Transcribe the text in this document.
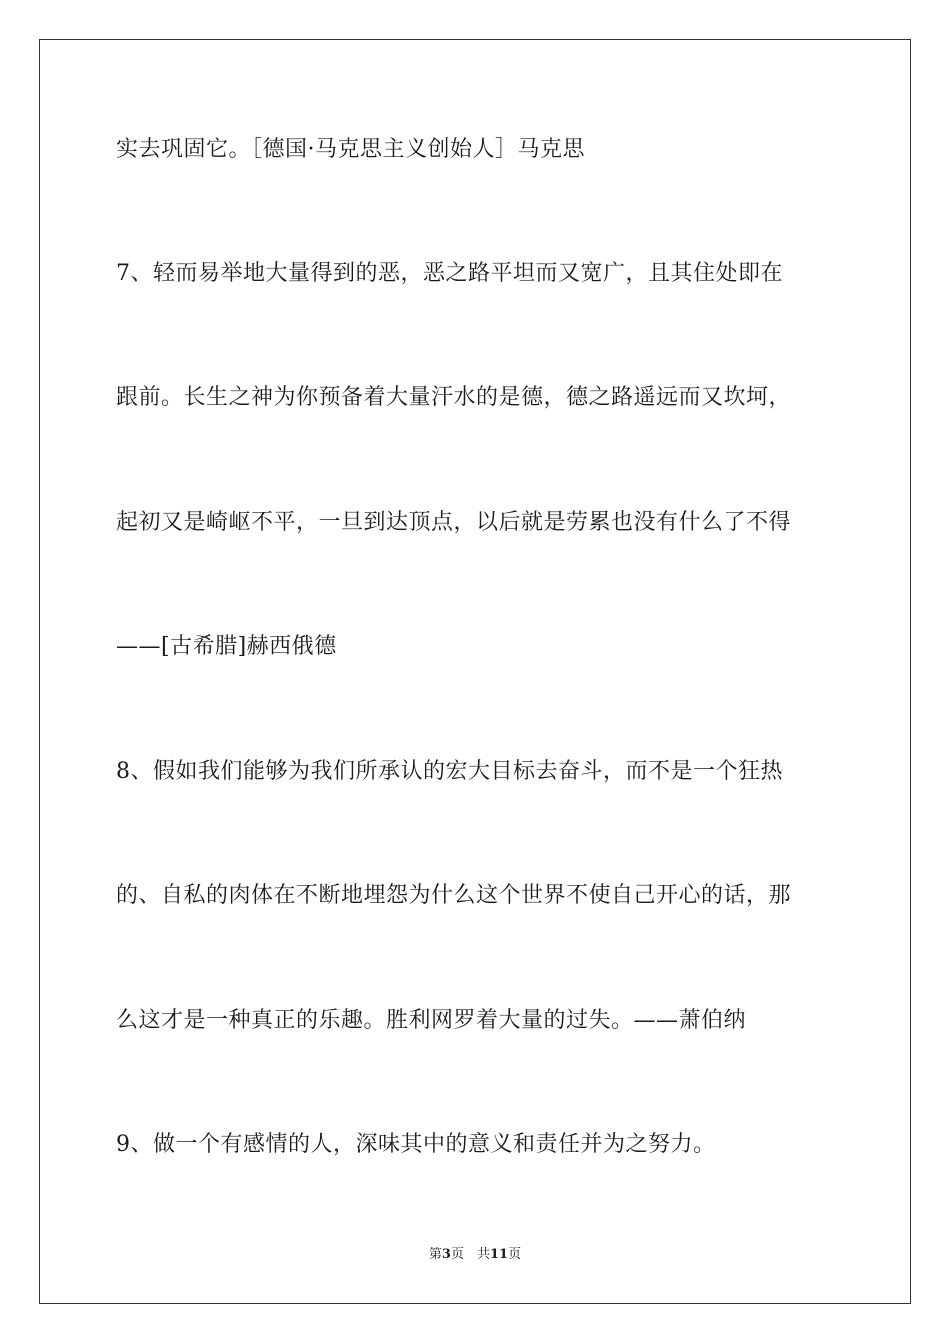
实去巩固它。［德国·马克思主义创始人］马克思
7、轻而易举地大量得到的恶，恶之路平坦而又宽广，且其住处即在
跟前。长生之神为你预备着大量汗水的是德，德之路遥远而又坎坷，
起初又是崎岖不平，一旦到达顶点，以后就是劳累也没有什么了不得
——[古希腊]赫西俄德
8、假如我们能够为我们所承认的宏大目标去奋斗，而不是一个狂热
的、自私的肉体在不断地埋怨为什么这个世界不使自己开心的话，那
么这才是一种真正的乐趣。胜利网罗着大量的过失。——萧伯纳
9、做一个有感情的人，深味其中的意义和责任并为之努力。
第3页　共11页
